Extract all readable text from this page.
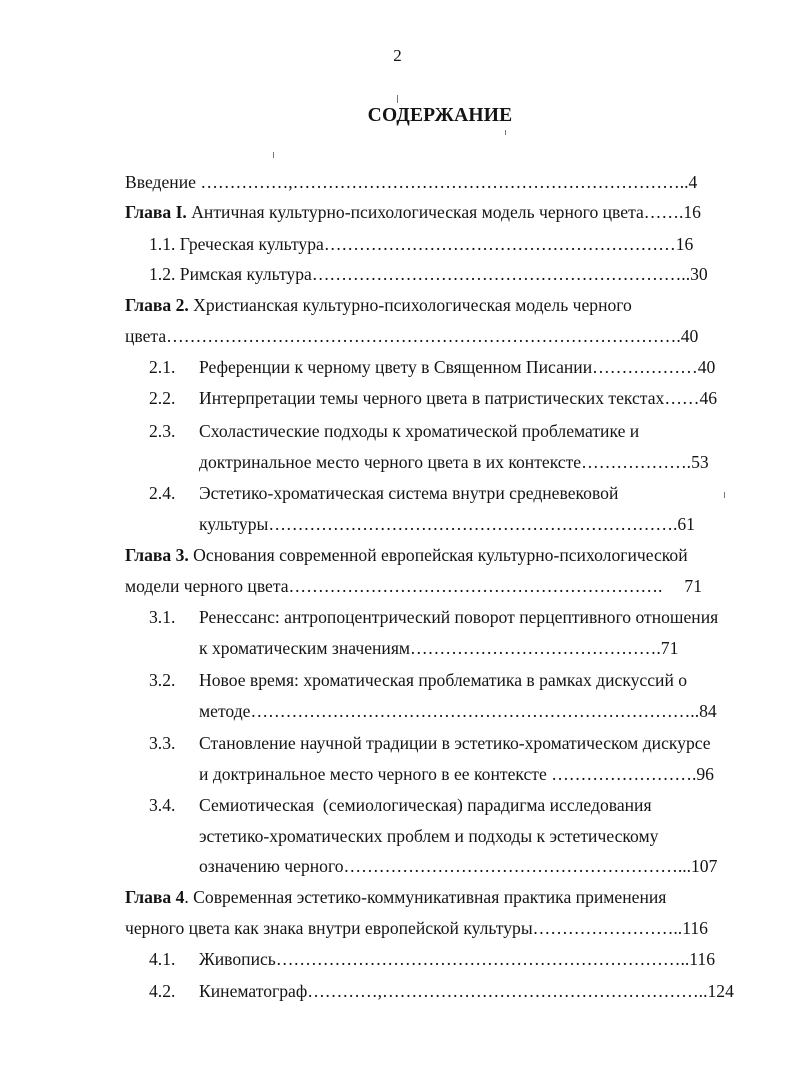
2
СОДЕРЖАНИЕ
Введение ……………,…………………………………………………………..4
Глава I. Античная культурно-психологическая модель черного цвета…….16
1.1. Греческая культура……………………………………………………16
1.2. Римская культура………………………………………………………..30
Глава 2. Христианская культурно-психологическая модель черного
цвета…………………………………………………………………………….40
2.1. Референции к черному цвету в Священном Писании………………40
2.2. Интерпретации темы черного цвета в патристических текстах……46
2.3. Схоластические подходы к хроматической проблематике и
доктринальное место черного цвета в их контексте……………….53
2.4. Эстетико-хроматическая система внутри средневековой
культуры…………………………………………………………….61
Глава 3. Основания современной европейская культурно-психологической
модели черного цвета……………………………………………………….     71
3.1. Ренессанс: антропоцентрический поворот перцептивного отношения
к хроматическим значениям…………………………………….71
3.2. Новое время: хроматическая проблематика в рамках дискуссий о
методе…………………………………………………………………..84
3.3. Становление научной традиции в эстетико-хроматическом дискурсе
и доктринальное место черного в ее контексте …………………….96
3.4. Семиотическая  (семиологическая) парадигма исследования
эстетико-хроматических проблем и подходы к эстетическому
означению черного…………………………………………………...107
Глава 4. Современная эстетико-коммуникативная практика применения
черного цвета как знака внутри европейской культуры……………………..116
4.1. Живопись……………………………………………………………..116
4.2. Кинематограф…………,………………………………………………..124
